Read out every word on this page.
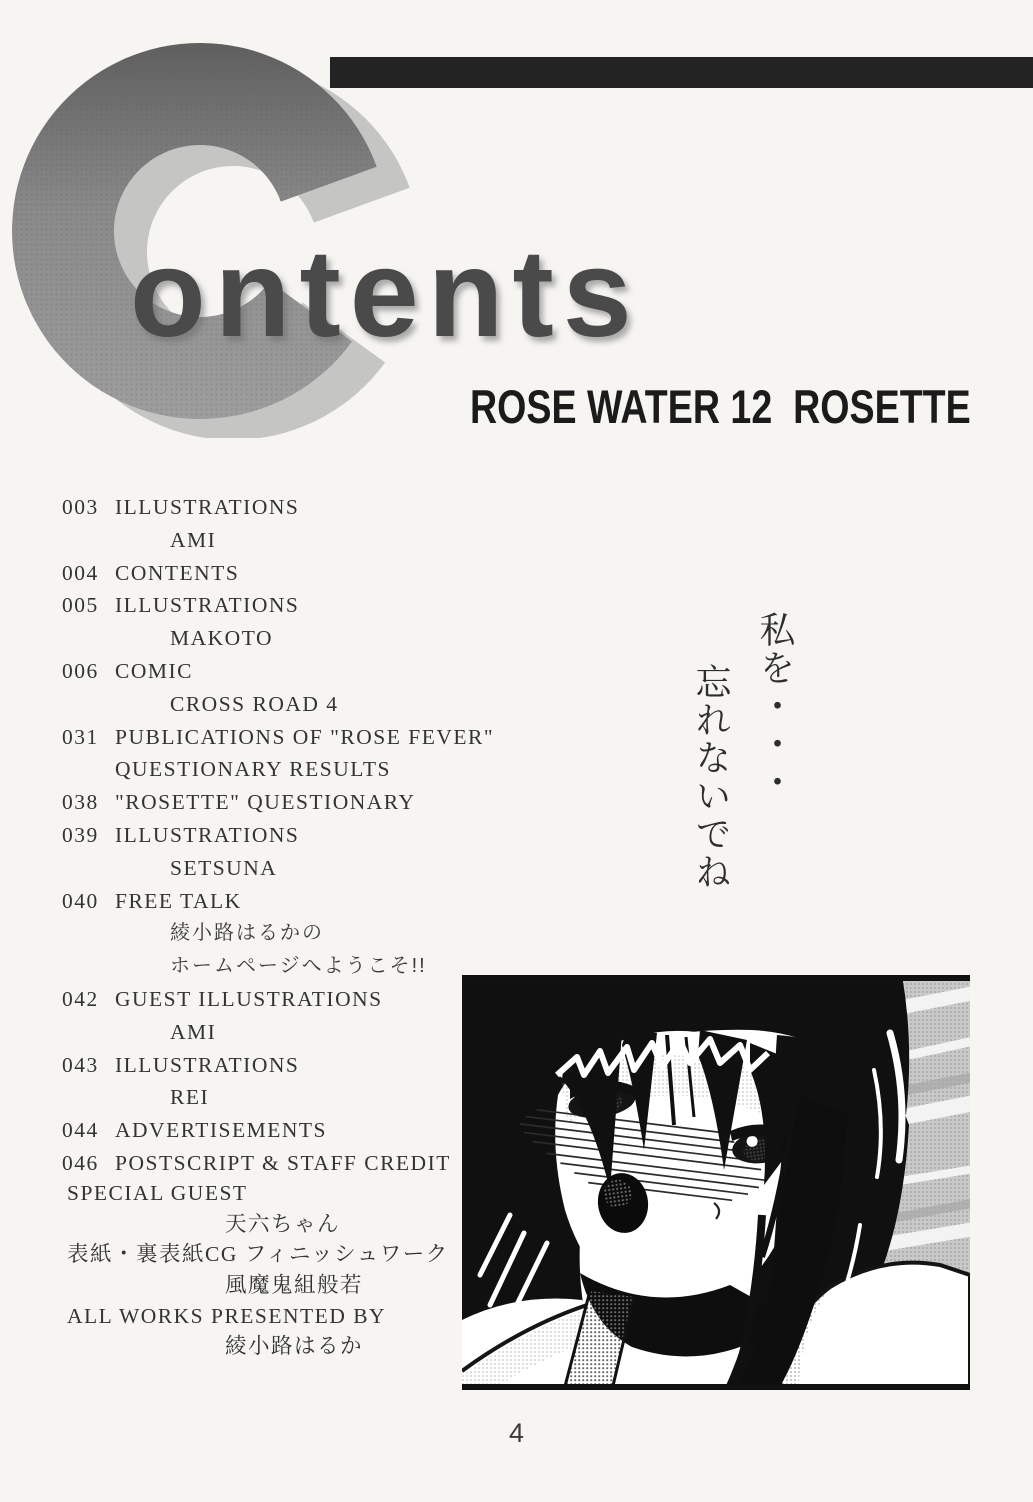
ontents
ROSE WATER 12  ROSETTE
003 ILLUSTRATIONS
AMI
004 CONTENTS
005 ILLUSTRATIONS
MAKOTO
006 COMIC
CROSS ROAD 4
031 PUBLICATIONS OF "ROSE FEVER"
QUESTIONARY RESULTS
038 "ROSETTE" QUESTIONARY
039 ILLUSTRATIONS
SETSUNA
040 FREE TALK
綾小路はるかの
ホームページへようこそ!!
042 GUEST ILLUSTRATIONS
AMI
043 ILLUSTRATIONS
REI
044 ADVERTISEMENTS
046 POSTSCRIPT & STAFF CREDIT
私を・・・
忘れないでね
SPECIAL GUEST
天六ちゃん
表紙・裏表紙CG フィニッシュワーク
風魔鬼組般若
ALL WORKS PRESENTED BY
綾小路はるか
4
